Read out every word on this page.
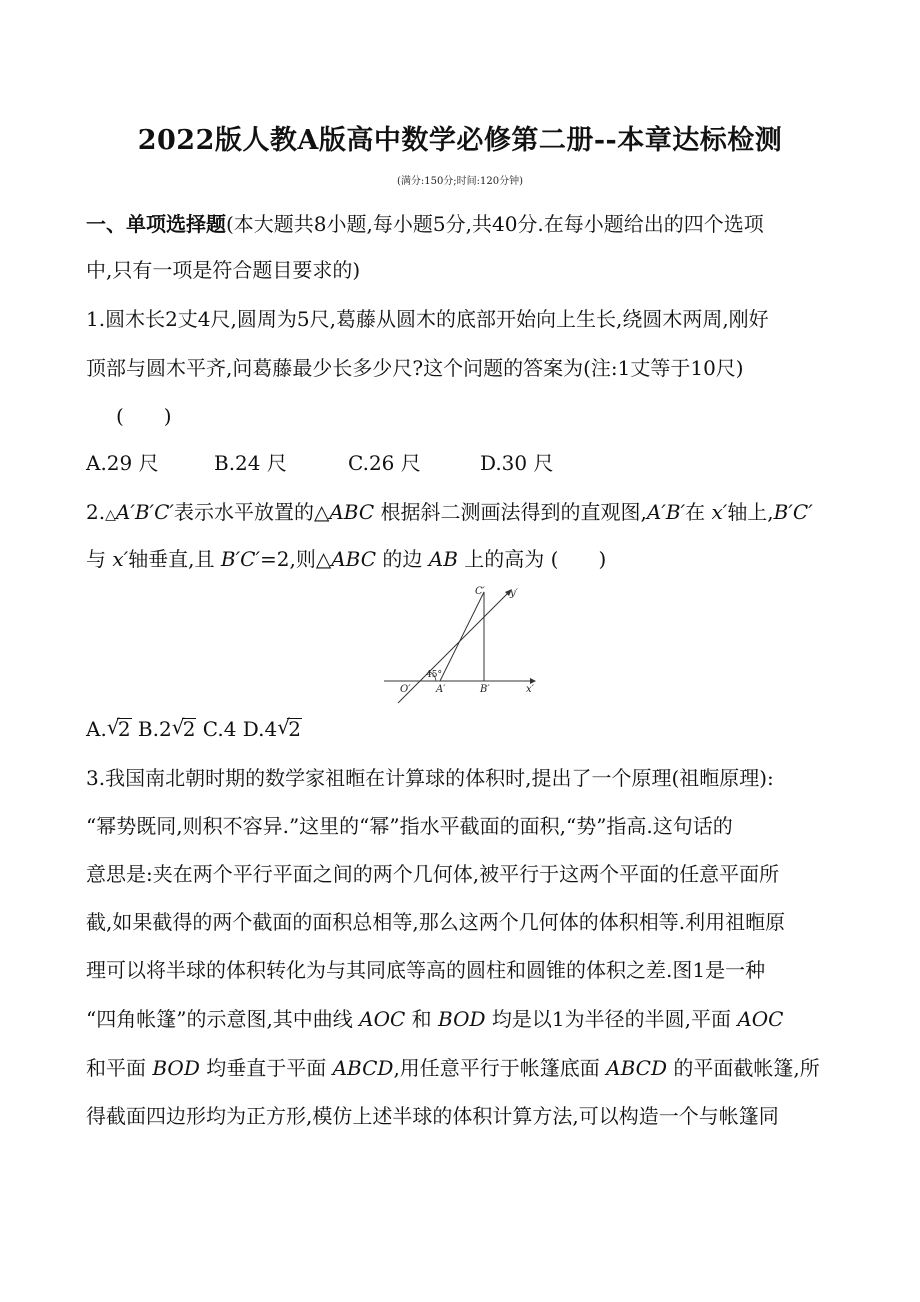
2022版人教A版高中数学必修第二册--本章达标检测
(满分:150分;时间:120分钟)
一、单项选择题(本大题共8小题,每小题5分,共40分.在每小题给出的四个选项
中,只有一项是符合题目要求的)
1.圆木长2丈4尺,圆周为5尺,葛藤从圆木的底部开始向上生长,绕圆木两周,刚好
顶部与圆木平齐,问葛藤最少长多少尺?这个问题的答案为(注:1丈等于10尺)
(　　)
A.29 尺	B.24 尺	C.26 尺	D.30 尺
2.△A′B′C′表示水平放置的△ABC 根据斜二测画法得到的直观图,A′B′在 x′轴上,B′C′
与 x′轴垂直,且 B′C′=2,则△ABC 的边 AB 上的高为 (　　)
C′	y′
45°
O′	A′	B′	x′
A. √
2 B.2 √
2 C.4 D.4 √
2
3.我国南北朝时期的数学家祖暅在计算球的体积时,提出了一个原理(祖暅原理):
“幂势既同,则积不容异.”这里的“幂”指水平截面的面积,“势”指高.这句话的
意思是:夹在两个平行平面之间的两个几何体,被平行于这两个平面的任意平面所
截,如果截得的两个截面的面积总相等,那么这两个几何体的体积相等.利用祖暅原
理可以将半球的体积转化为与其同底等高的圆柱和圆锥的体积之差.图1是一种
“四角帐篷”的示意图,其中曲线 AOC 和 BOD 均是以1为半径的半圆,平面 AOC
和平面 BOD 均垂直于平面 ABCD,用任意平行于帐篷底面 ABCD 的平面截帐篷,所
得截面四边形均为正方形,模仿上述半球的体积计算方法,可以构造一个与帐篷同
